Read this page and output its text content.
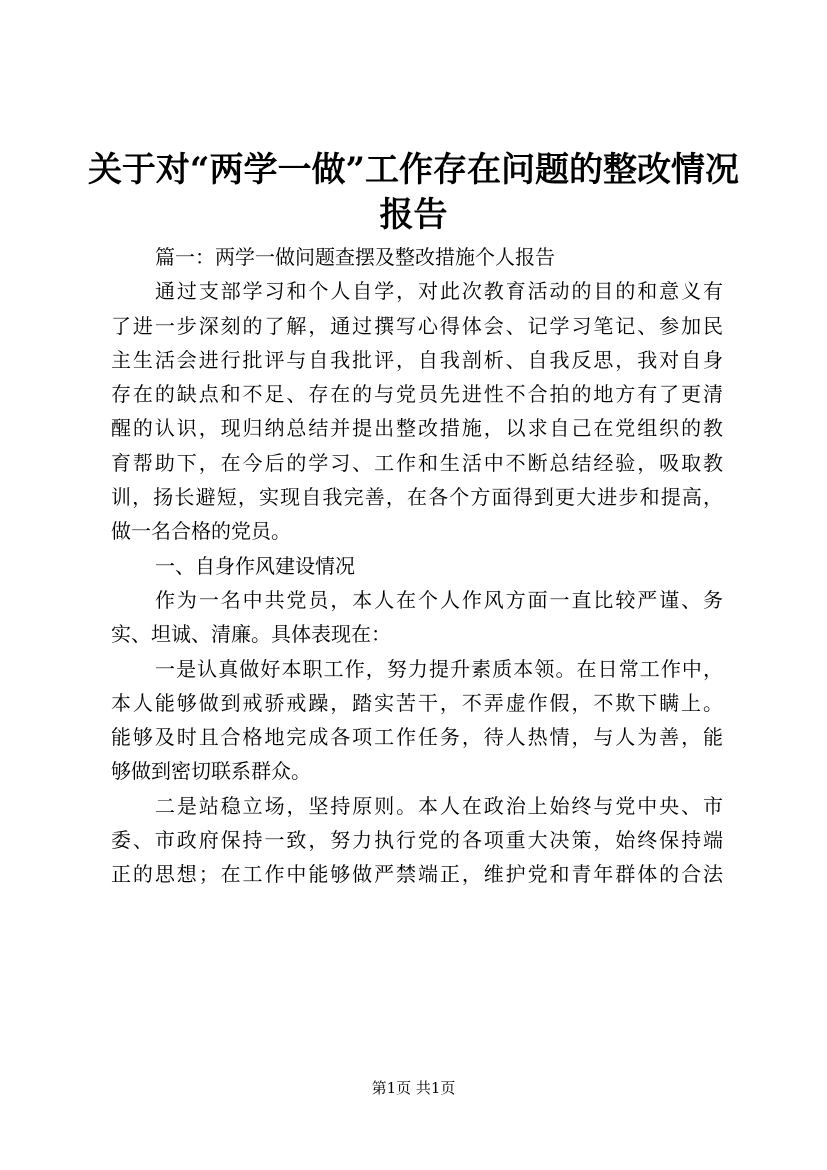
关于对“两学一做”工作存在问题的整改情况
报告
篇一：两学一做问题查摆及整改措施个人报告
通过支部学习和个人自学，对此次教育活动的目的和意义有
了进一步深刻的了解，通过撰写心得体会、记学习笔记、参加民
主生活会进行批评与自我批评，自我剖析、自我反思，我对自身
存在的缺点和不足、存在的与党员先进性不合拍的地方有了更清
醒的认识，现归纳总结并提出整改措施，以求自己在党组织的教
育帮助下，在今后的学习、工作和生活中不断总结经验，吸取教
训，扬长避短，实现自我完善，在各个方面得到更大进步和提高，
做一名合格的党员。
一、自身作风建设情况
作为一名中共党员，本人在个人作风方面一直比较严谨、务
实、坦诚、清廉。具体表现在：
一是认真做好本职工作，努力提升素质本领。在日常工作中，
本人能够做到戒骄戒躁，踏实苦干，不弄虚作假，不欺下瞒上。
能够及时且合格地完成各项工作任务，待人热情，与人为善，能
够做到密切联系群众。
二是站稳立场，坚持原则。本人在政治上始终与党中央、市
委、市政府保持一致，努力执行党的各项重大决策，始终保持端
正的思想；在工作中能够做严禁端正，维护党和青年群体的合法
第1页 共1页
